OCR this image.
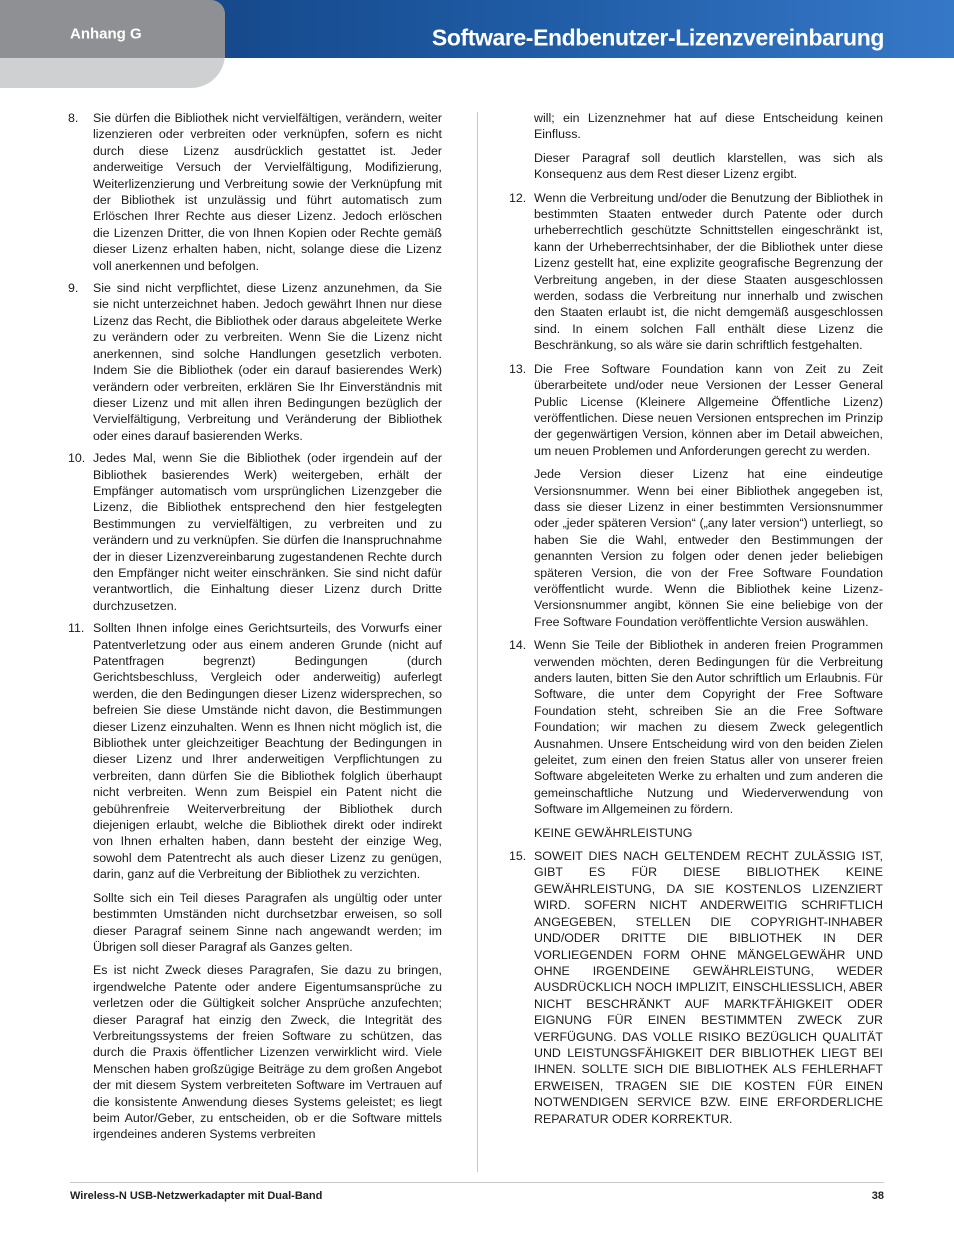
Anhang G	Software-Endbenutzer-Lizenzvereinbarung
8.	Sie dürfen die Bibliothek nicht vervielfältigen, verändern, weiter lizenzieren oder verbreiten oder verknüpfen, sofern es nicht durch diese Lizenz ausdrücklich gestattet ist. Jeder anderweitige Versuch der Vervielfältigung, Modifizierung, Weiterlizenzierung und Verbreitung sowie der Verknüpfung mit der Bibliothek ist unzulässig und führt automatisch zum Erlöschen Ihrer Rechte aus dieser Lizenz. Jedoch erlöschen die Lizenzen Dritter, die von Ihnen Kopien oder Rechte gemäß dieser Lizenz erhalten haben, nicht, solange diese die Lizenz voll anerkennen und befolgen.
9.	Sie sind nicht verpflichtet, diese Lizenz anzunehmen, da Sie sie nicht unterzeichnet haben. Jedoch gewährt Ihnen nur diese Lizenz das Recht, die Bibliothek oder daraus abgeleitete Werke zu verändern oder zu verbreiten. Wenn Sie die Lizenz nicht anerkennen, sind solche Handlungen gesetzlich verboten. Indem Sie die Bibliothek (oder ein darauf basierendes Werk) verändern oder verbreiten, erklären Sie Ihr Einverständnis mit dieser Lizenz und mit allen ihren Bedingungen bezüglich der Vervielfältigung, Verbreitung und Veränderung der Bibliothek oder eines darauf basierenden Werks.
10. Jedes Mal, wenn Sie die Bibliothek (oder irgendein auf der Bibliothek basierendes Werk) weitergeben, erhält der Empfänger automatisch vom ursprünglichen Lizenzgeber die Lizenz, die Bibliothek entsprechend den hier festgelegten Bestimmungen zu vervielfältigen, zu verbreiten und zu verändern und zu verknüpfen. Sie dürfen die Inanspruchnahme der in dieser Lizenzvereinbarung zugestandenen Rechte durch den Empfänger nicht weiter einschränken. Sie sind nicht dafür verantwortlich, die Einhaltung dieser Lizenz durch Dritte durchzusetzen.
11. Sollten Ihnen infolge eines Gerichtsurteils, des Vorwurfs einer Patentverletzung oder aus einem anderen Grunde (nicht auf Patentfragen begrenzt) Bedingungen (durch Gerichtsbeschluss, Vergleich oder anderweitig) auferlegt werden, die den Bedingungen dieser Lizenz widersprechen, so befreien Sie diese Umstände nicht davon, die Bestimmungen dieser Lizenz einzuhalten. Wenn es Ihnen nicht möglich ist, die Bibliothek unter gleichzeitiger Beachtung der Bedingungen in dieser Lizenz und Ihrer anderweitigen Verpflichtungen zu verbreiten, dann dürfen Sie die Bibliothek folglich überhaupt nicht verbreiten. Wenn zum Beispiel ein Patent nicht die gebührenfreie Weiterverbreitung der Bibliothek durch diejenigen erlaubt, welche die Bibliothek direkt oder indirekt von Ihnen erhalten haben, dann besteht der einzige Weg, sowohl dem Patentrecht als auch dieser Lizenz zu genügen, darin, ganz auf die Verbreitung der Bibliothek zu verzichten.
Sollte sich ein Teil dieses Paragrafen als ungültig oder unter bestimmten Umständen nicht durchsetzbar erweisen, so soll dieser Paragraf seinem Sinne nach angewandt werden; im Übrigen soll dieser Paragraf als Ganzes gelten.
Es ist nicht Zweck dieses Paragrafen, Sie dazu zu bringen, irgendwelche Patente oder andere Eigentumsansprüche zu verletzen oder die Gültigkeit solcher Ansprüche anzufechten; dieser Paragraf hat einzig den Zweck, die Integrität des Verbreitungssystems der freien Software zu schützen, das durch die Praxis öffentlicher Lizenzen verwirklicht wird. Viele Menschen haben großzügige Beiträge zu dem großen Angebot der mit diesem System verbreiteten Software im Vertrauen auf die konsistente Anwendung dieses Systems geleistet; es liegt beim Autor/Geber, zu entscheiden, ob er die Software mittels irgendeines anderen Systems verbreiten
will; ein Lizenznehmer hat auf diese Entscheidung keinen Einfluss.
Dieser Paragraf soll deutlich klarstellen, was sich als Konsequenz aus dem Rest dieser Lizenz ergibt.
12. Wenn die Verbreitung und/oder die Benutzung der Bibliothek in bestimmten Staaten entweder durch Patente oder durch urheberrechtlich geschützte Schnittstellen eingeschränkt ist, kann der Urheberrechtsinhaber, der die Bibliothek unter diese Lizenz gestellt hat, eine explizite geografische Begrenzung der Verbreitung angeben, in der diese Staaten ausgeschlossen werden, sodass die Verbreitung nur innerhalb und zwischen den Staaten erlaubt ist, die nicht demgemäß ausgeschlossen sind. In einem solchen Fall enthält diese Lizenz die Beschränkung, so als wäre sie darin schriftlich festgehalten.
13. Die Free Software Foundation kann von Zeit zu Zeit überarbeitete und/oder neue Versionen der Lesser General Public License (Kleinere Allgemeine Öffentliche Lizenz) veröffentlichen. Diese neuen Versionen entsprechen im Prinzip der gegenwärtigen Version, können aber im Detail abweichen, um neuen Problemen und Anforderungen gerecht zu werden.
Jede Version dieser Lizenz hat eine eindeutige Versionsnummer. Wenn bei einer Bibliothek angegeben ist, dass sie dieser Lizenz in einer bestimmten Versionsnummer oder „jeder späteren Version“ („any later version“) unterliegt, so haben Sie die Wahl, entweder den Bestimmungen der genannten Version zu folgen oder denen jeder beliebigen späteren Version, die von der Free Software Foundation veröffentlicht wurde. Wenn die Bibliothek keine Lizenz-Versionsnummer angibt, können Sie eine beliebige von der Free Software Foundation veröffentlichte Version auswählen.
14. Wenn Sie Teile der Bibliothek in anderen freien Programmen verwenden möchten, deren Bedingungen für die Verbreitung anders lauten, bitten Sie den Autor schriftlich um Erlaubnis. Für Software, die unter dem Copyright der Free Software Foundation steht, schreiben Sie an die Free Software Foundation; wir machen zu diesem Zweck gelegentlich Ausnahmen. Unsere Entscheidung wird von den beiden Zielen geleitet, zum einen den freien Status aller von unserer freien Software abgeleiteten Werke zu erhalten und zum anderen die gemeinschaftliche Nutzung und Wiederverwendung von Software im Allgemeinen zu fördern.
KEINE GEWÄHRLEISTUNG
15. SOWEIT DIES NACH GELTENDEM RECHT ZULÄSSIG IST, GIBT ES FÜR DIESE BIBLIOTHEK KEINE GEWÄHRLEISTUNG, DA SIE KOSTENLOS LIZENZIERT WIRD. SOFERN NICHT ANDERWEITIG SCHRIFTLICH ANGEGEBEN, STELLEN DIE COPYRIGHT-INHABER UND/ODER DRITTE DIE BIBLIOTHEK IN DER VORLIEGENDEN FORM OHNE MÄNGELGEWÄHR UND OHNE IRGENDEINE GEWÄHRLEISTUNG, WEDER AUSDRÜCKLICH NOCH IMPLIZIT, EINSCHLIESSLICH, ABER NICHT BESCHRÄNKT AUF MARKTFÄHIGKEIT ODER EIGNUNG FÜR EINEN BESTIMMTEN ZWECK ZUR VERFÜGUNG. DAS VOLLE RISIKO BEZÜGLICH QUALITÄT UND LEISTUNGSFÄHIGKEIT DER BIBLIOTHEK LIEGT BEI IHNEN. SOLLTE SICH DIE BIBLIOTHEK ALS FEHLERHAFT ERWEISEN, TRAGEN SIE DIE KOSTEN FÜR EINEN NOTWENDIGEN SERVICE BZW. EINE ERFORDERLICHE REPARATUR ODER KORREKTUR.
Wireless-N USB-Netzwerkadapter mit Dual-Band	38
